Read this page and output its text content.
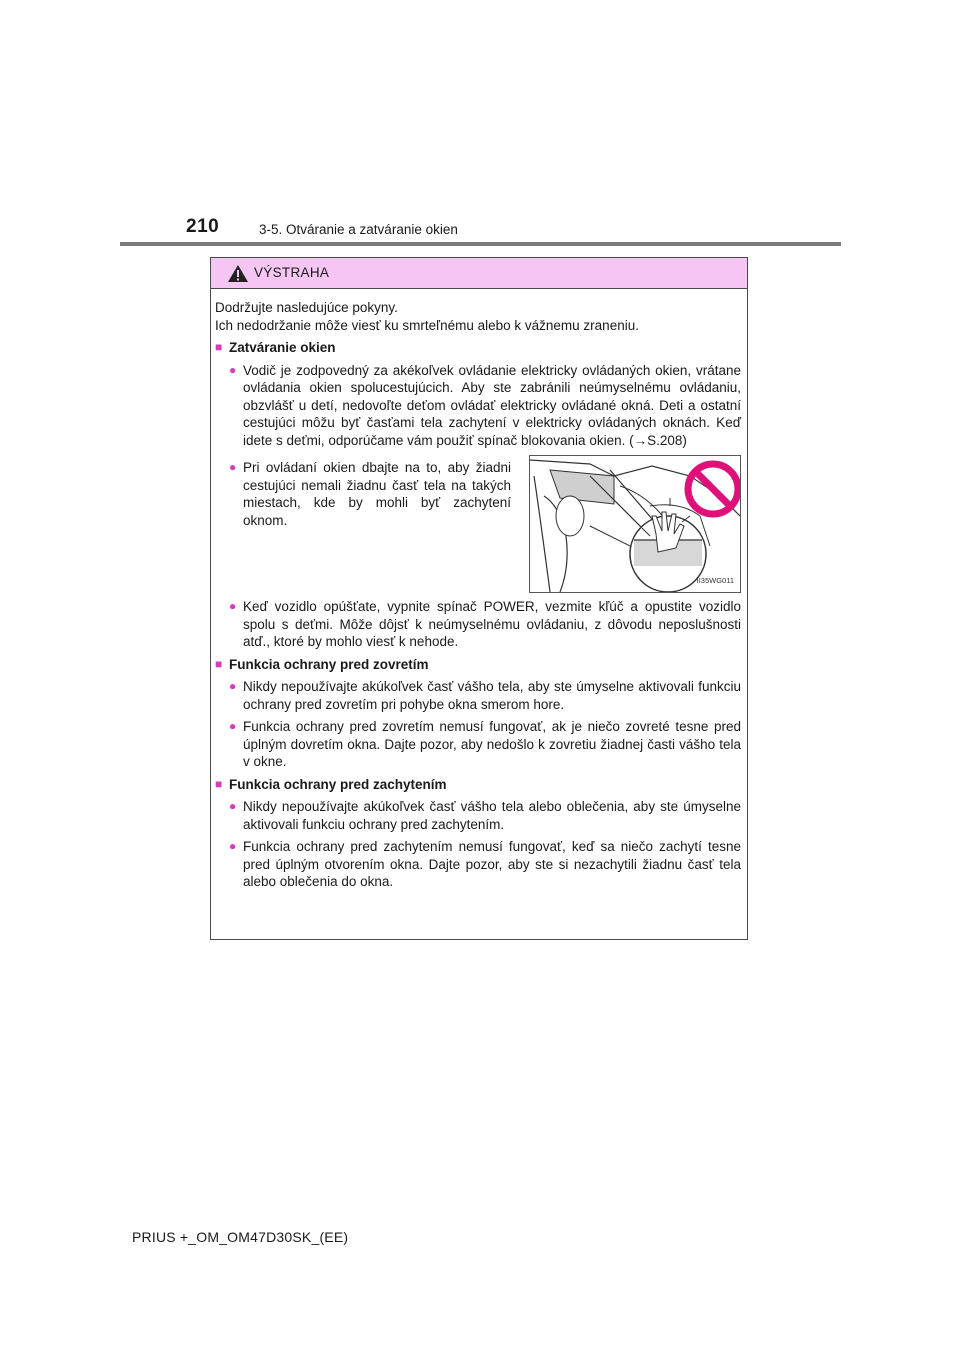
210	3-5. Otváranie a zatváranie okien
VÝSTRAHA
Dodržujte nasledujúce pokyny.
Ich nedodržanie môže viesť ku smrteľnému alebo k vážnemu zraneniu.
■ Zatváranie okien
● Vodič je zodpovedný za akékoľvek ovládanie elektricky ovládaných okien, vrátane ovládania okien spolucestujúcich. Aby ste zabránili neúmyselnému ovládaniu, obzvlášť u detí, nedovoľte deťom ovládať elektricky ovládané okná. Deti a ostatní cestujúci môžu byť časťami tela zachytení v elektricky ovládaných oknách. Keď idete s deťmi, odporúčame vám použiť spínač blokovania okien. (→S.208)
● Pri ovládaní okien dbajte na to, aby žiadni cestujúci nemali žiadnu časť tela na takých miestach, kde by mohli byť zachytení oknom.
II35WG011
● Keď vozidlo opúšťate, vypnite spínač POWER, vezmite kľúč a opustite vozidlo spolu s deťmi. Môže dôjsť k neúmyselnému ovládaniu, z dôvodu neposlušnosti atď., ktoré by mohlo viesť k nehode.
■ Funkcia ochrany pred zovretím
● Nikdy nepoužívajte akúkoľvek časť vášho tela, aby ste úmyselne aktivovali funkciu ochrany pred zovretím pri pohybe okna smerom hore.
● Funkcia ochrany pred zovretím nemusí fungovať, ak je niečo zovreté tesne pred úplným dovretím okna. Dajte pozor, aby nedošlo k zovretiu žiadnej časti vášho tela v okne.
■ Funkcia ochrany pred zachytením
● Nikdy nepoužívajte akúkoľvek časť vášho tela alebo oblečenia, aby ste úmyselne aktivovali funkciu ochrany pred zachytením.
● Funkcia ochrany pred zachytením nemusí fungovať, keď sa niečo zachytí tesne pred úplným otvorením okna. Dajte pozor, aby ste si nezachytili žiadnu časť tela alebo oblečenia do okna.
PRIUS +_OM_OM47D30SK_(EE)
